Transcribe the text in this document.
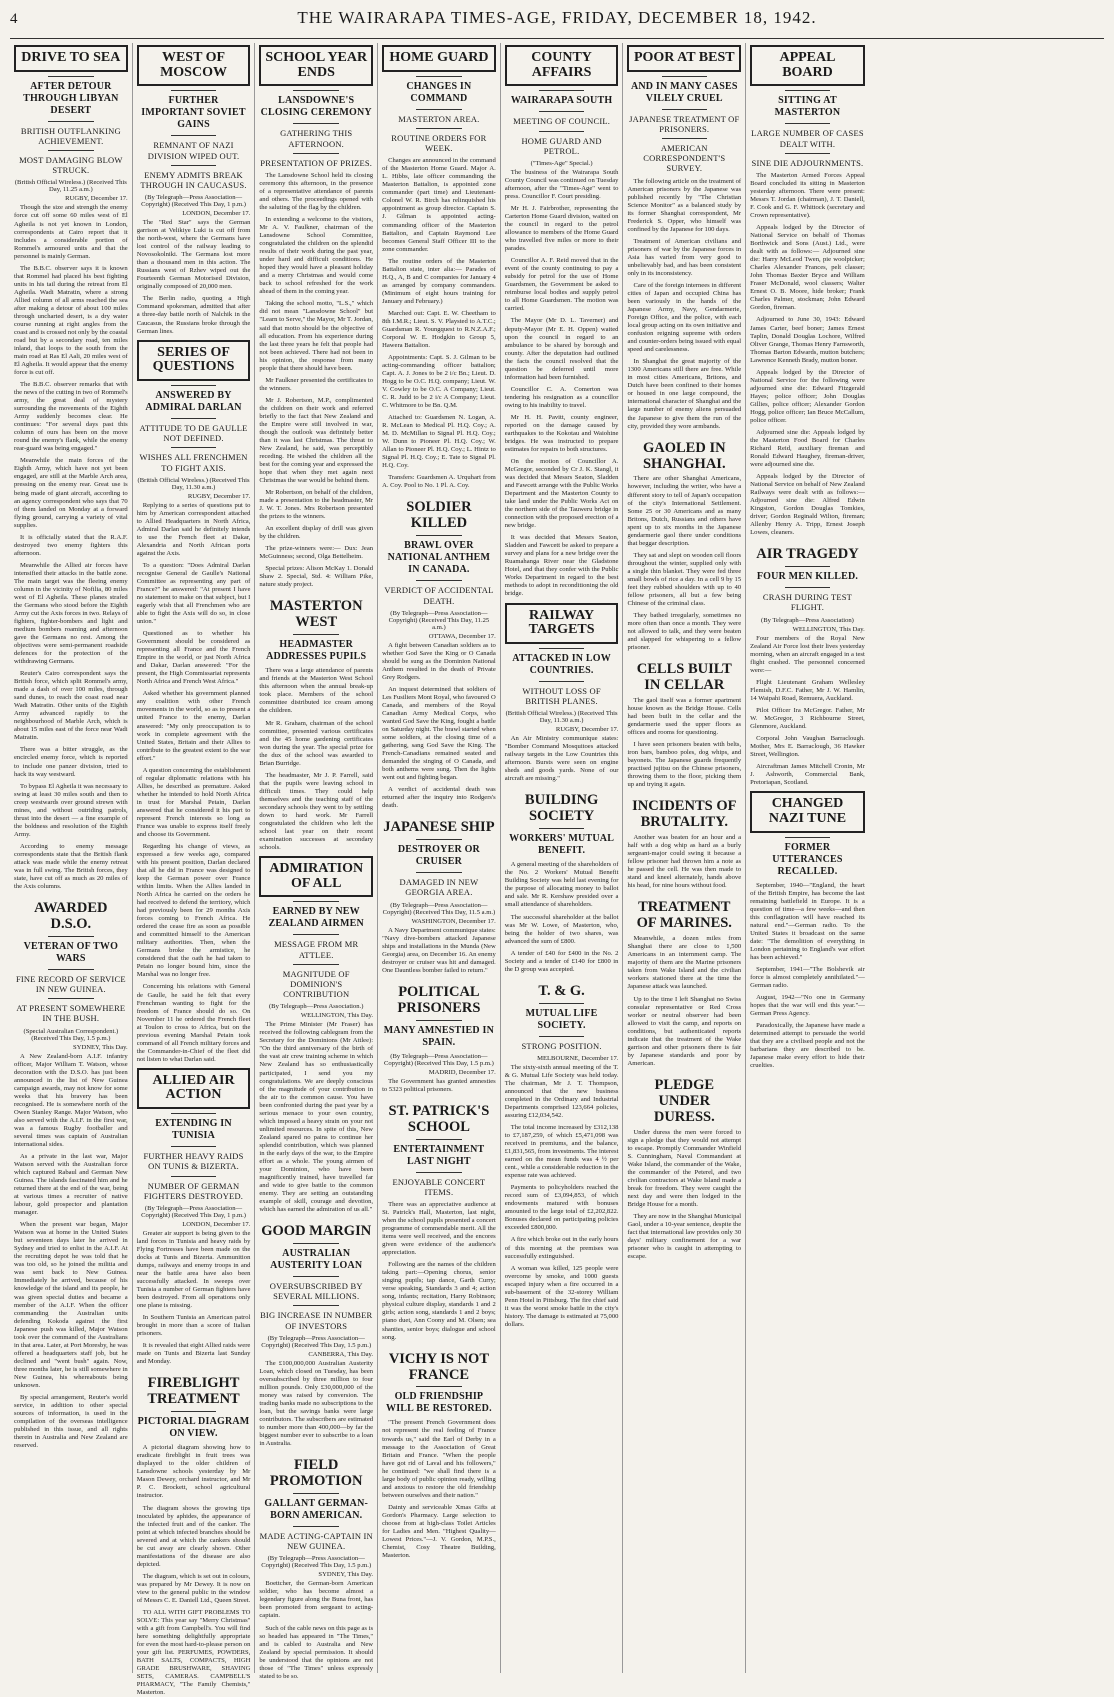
4	THE WAIRARAPA TIMES-AGE, FRIDAY, DECEMBER 18, 1942.
DRIVE TO SEA
AFTER DETOUR THROUGH LIBYAN DESERT
BRITISH OUTFLANKING ACHIEVEMENT.
MOST DAMAGING BLOW STRUCK.
(British Official Wireless.) (Received This Day, 11.25 a.m.)
RUGBY, December 17.

Though the size and strength the enemy force cut off some 60 miles west of El Agheila is not yet known in London, correspondents at Cairo report that it includes a considerable portion of Rommel's armoured units and that the personnel is mainly German.

The B.B.C. observer says it is known that Rommel had placed his best fighting units in his tail during the retreat from El Agheila. Wadi Matratin, where a strong Allied column of all arms reached the sea after making a detour of about 100 miles through uncharted desert, is a dry water course running at right angles from the coast and is crossed not only by the coastal road but by a secondary road, ten miles inland, that loops to the south from the main road at Ras El Aali, 20 miles west of El Agheila. It would appear that the enemy force is cut off.

The B.B.C. observer remarks that with the news of the cutting in two of Rommel's army, the great deal of mystery surrounding the movements of the Eighth Army suddenly becomes clear. He continues: "For several days past this column of ours has been on the move round the enemy's flank, while the enemy rear-guard was being engaged."

Meanwhile the main forces of the Eighth Army, which have not yet been engaged, are still at the Marble Arch area, pressing on the enemy rear. Great use is being made of giant aircraft, according to an agency correspondent who says that 70 of them landed on Monday at a forward flying ground, carrying a variety of vital supplies.

It is officially stated that the R.A.F. destroyed two enemy fighters this afternoon.

Meanwhile the Allied air forces have intensified their attacks in the battle zone. The main target was the fleeing enemy column in the vicinity of Nofilia, 80 miles west of El Agheila. These planes strafed the Germans who stood before the Eighth Army cut the Axis forces in two. Relays of fighters, fighter-bombers and light and medium bombers roaming and afternoon gave the Germans no rest. Among the objectives were semi-permanent roadside defences for the protection of the withdrawing Germans.

Reuter's Cairo correspondent says the British force, which split Rommel's army, made a dash of over 100 miles, through sand dunes, to reach the coast road near Wadi Matratin. Other units of the Eighth Army advanced rapidly to the neighbourhood of Marble Arch, which is about 15 miles east of the force near Wadi Matratin.

There was a bitter struggle, as the encircled enemy force, which is reported to include one panzer division, tried to hack its way westward.

To bypass El Agheila it was necessary to swing at least 30 miles south and then to creep westwards over ground strewn with mines, and without outriding patrols, thrust into the desert — a fine example of the boldness and resolution of the Eighth Army.

According to enemy message correspondents state that the British flank attack was made while the enemy retreat was in full swing. The British forces, they state, have cut off as much as 20 miles of the Axis columns.

AWARDED D.S.O.
VETERAN OF TWO WARS
FINE RECORD OF SERVICE IN NEW GUINEA.
AT PRESENT SOMEWHERE IN THE BUSH.
(Special Australian Correspondent.) (Received This Day, 1.5 p.m.)
SYDNEY, This Day.

A New Zealand-born A.I.F. infantry officer, Major William T. Watson, whose decoration with the D.S.O. has just been announced in the list of New Guinea campaign awards, may not know for some weeks that his bravery has been recognised. He is somewhere north of the Owen Stanley Range. Major Watson, who also served with the A.I.F. in the first war, was a famous Rugby footballer and several times was captain of Australian international sides.

As a private in the last war, Major Watson served with the Australian force which captured Rabaul and German New Guinea. The islands fascinated him and he returned there at the end of the war, being at various times a recruiter of native labour, gold prospector and plantation manager.

When the present war began, Major Watson was at home in the United States but seventeen days later he arrived in Sydney and tried to enlist in the A.I.F. At the recruiting depot he was told that he was too old, so he joined the militia and was sent back to New Guinea. Immediately he arrived, because of his knowledge of the island and its people, he was given special duties and became a member of the A.I.F. When the officer commanding the Australian units defending Kokoda against the first Japanese push was killed, Major Watson took over the command of the Australians in that area. Later, at Port Moresby, he was offered a headquarters staff job, but he declined and "went bush" again. Now, three months later, he is still somewhere in New Guinea, his whereabouts being unknown.

By special arrangement, Reuter's world service, in addition to other special sources of information, is used in the compilation of the overseas intelligence published in this issue, and all rights therein in Australia and New Zealand are reserved.

WEST OF MOSCOW
FURTHER IMPORTANT SOVIET GAINS
REMNANT OF NAZI DIVISION WIPED OUT.
ENEMY ADMITS BREAK THROUGH IN CAUCASUS.
(By Telegraph—Press Association—Copyright) (Received This Day, 1 p.m.)
LONDON, December 17.

The "Red Star" says the German garrison at Velikiye Luki is cut off from the north-west, where the Germans have lost control of the railway leading to Novosokolniki. The Germans lost more than a thousand men in this action. The Russians west of Rzhev wiped out the Fourteenth German Motorised Division, originally composed of 20,000 men.

The Berlin radio, quoting a High Command spokesman, admitted that after a three-day battle north of Nalchik in the Caucasus, the Russians broke through the German lines.

SERIES OF QUESTIONS
ANSWERED BY ADMIRAL DARLAN
ATTITUDE TO DE GAULLE NOT DEFINED.
WISHES ALL FRENCHMEN TO FIGHT AXIS.
(British Official Wireless.) (Received This Day, 11.30 a.m.)
RUGBY, December 17.

Replying to a series of questions put to him by American correspondent attached to Allied Headquarters in North Africa, Admiral Darlan said he definitely intends to use the French fleet at Dakar, Alexandria and North African ports against the Axis.

To a question: "Does Admiral Darlan recognise General de Gaulle's National Committee as representing any part of France?" he answered: "At present I have no statement to make on that subject, but I eagerly wish that all Frenchmen who are able to fight the Axis will do so, in close union."

Questioned as to whether his Government should be considered as representing all France and the French Empire in the world, or just North Africa and Dakar, Darlan answered: "For the present, the High Commissariat represents North Africa and French West Africa."

Asked whether his government planned any coalition with other French movements in the world, so as to present a united France to the enemy, Darlan answered: "My only preoccupation is to work in complete agreement with the United States, Britain and their Allies to contribute to the greatest extent to the war effort."

A question concerning the establishment of regular diplomatic relations with his Allies, he described as premature. Asked whether he intended to hold North Africa in trust for Marshal Petain, Darlan answered that he considered it his part to represent French interests so long as France was unable to express itself freely and choose its Government.

Regarding his change of views, as expressed a few weeks ago, compared with his present position, Darlan declared that all he did in France was designed to keep the German power over France within limits. When the Allies landed in North Africa he carried on the orders he had received to defend the territory, which had previously been for 29 months Axis forces coming to French Africa. He ordered the cease fire as soon as possible and committed himself to the American military authorities. Then, when the Germans broke the armistice, he considered that the oath he had taken to Petain no longer bound him, since the Marshal was no longer free.

Concerning his relations with General de Gaulle, he said he felt that every Frenchman wanting to fight for the freedom of France should do so. On November 11 he ordered the French fleet at Toulon to cross to Africa, but on the previous evening Marshal Petain took command of all French military forces and the Commander-in-Chief of the fleet did not listen to what Darlan said.

ALLIED AIR ACTION
EXTENDING IN TUNISIA
FURTHER HEAVY RAIDS ON TUNIS & BIZERTA.
NUMBER OF GERMAN FIGHTERS DESTROYED.
(By Telegraph—Press Association—Copyright) (Received This Day, 1 p.m.)
LONDON, December 17.

Greater air support is being given to the land forces in Tunisia and heavy raids by Flying Fortresses have been made on the docks at Tunis and Bizerta. Ammunition dumps, railways and enemy troops in and near the battle area have also been successfully attacked. In sweeps over Tunisia a number of German fighters have been destroyed. From all operations only one plane is missing.

In Southern Tunisia an American patrol brought in more than a score of Italian prisoners.

It is revealed that eight Allied raids were made on Tunis and Bizerta last Sunday and Monday.

FIREBLIGHT TREATMENT
PICTORIAL DIAGRAM ON VIEW.

A pictorial diagram showing how to eradicate fireblight in fruit trees was displayed to the older children of Lansdowne schools yesterday by Mr Mason Dewey, orchard instructor, and Mr P. C. Brockett, school agricultural instructor.

The diagram shows the growing tips inoculated by aphides, the appearance of the infected fruit and of the canker. The point at which infected branches should be severed and at which the cankers should be cut away are clearly shown. Other manifestations of the disease are also depicted.

The diagram, which is set out in colours, was prepared by Mr Dewey. It is now on view to the general public in the window of Messrs C. E. Daniell Ltd., Queen Street.

TO ALL WITH GIFT PROBLEMS TO SOLVE: This year say "Merry Christmas" with a gift from Campbell's. You will find here something delightfully appropriate for even the most hard-to-please person on your gift list. PERFUMES, POWDERS, BATH SALTS, COMPACTS, HIGH GRADE BRUSHWARE, SHAVING SETS, CAMERAS. CAMPBELL'S PHARMACY, "The Family Chemists," Masterton.

SCHOOL YEAR ENDS
LANSDOWNE'S CLOSING CEREMONY
GATHERING THIS AFTERNOON.
PRESENTATION OF PRIZES.

The Lansdowne School held its closing ceremony this afternoon, in the presence of a representative attendance of parents and others. The proceedings opened with the saluting of the flag by the children.

In extending a welcome to the visitors, Mr A. V. Faulkner, chairman of the Lansdowne School Committee, congratulated the children on the splendid results of their work during the past year, under hard and difficult conditions. He hoped they would have a pleasant holiday and a merry Christmas and would come back to school refreshed for the work ahead of them in the coming year.

Taking the school motto, "L.S.," which did not mean "Lansdowne School" but "Learn to Serve," the Mayor, Mr T. Jordan, said that motto should be the objective of all education. From his experience during the last three years he felt that people had not been achieved. There had not been in his opinion, the response from many people that there should have been.

Mr Faulkner presented the certificates to the winners.

Mr J. Robertson, M.P., complimented the children on their work and referred briefly to the fact that New Zealand and the Empire were still involved in war, though the outlook was definitely better than it was last Christmas. The threat to New Zealand, he said, was perceptibly receding. He wished the children all the best for the coming year and expressed the hope that when they met again next Christmas the war would be behind them.

Mr Robertson, on behalf of the children, made a presentation to the headmaster, Mr J. W. T. Jones. Mrs Robertson presented the prizes to the winners.

An excellent display of drill was given by the children.

The prize-winners were:— Dux: Jean McGuinness; second, Olga Bettelheim.

Special prizes: Alison McKay 1. Donald Shaw 2. Special, Std. 4: William Pike, nature study project.

MASTERTON WEST
HEADMASTER ADDRESSES PUPILS

There was a large attendance of parents and friends at the Masterton West School this afternoon when the annual break-up took place. Members of the school committee distributed ice cream among the children.

Mr R. Graham, chairman of the school committee, presented various certificates and the 45 home gardening certificates won during the year. The special prize for the dux of the school was awarded to Brian Burridge.

The headmaster, Mr J. P. Farrell, said that the pupils were leaving school in difficult times. They could help themselves and the teaching staff of the secondary schools they went to by settling down to hard work. Mr Farrell congratulated the children who left the school last year on their recent examination successes at secondary schools.

ADMIRATION OF ALL
EARNED BY NEW ZEALAND AIRMEN
MESSAGE FROM MR ATTLEE.
MAGNITUDE OF DOMINION'S CONTRIBUTION
(By Telegraph—Press Association.)
WELLINGTON, This Day.

The Prime Minister (Mr Fraser) has received the following cablegram from the Secretary for the Dominions (Mr Attlee): "On the third anniversary of the birth of the vast air crew training scheme in which New Zealand has so enthusiastically participated, I send you my congratulations. We are deeply conscious of the magnitude of your contribution in the air to the common cause. You have been confronted during the past year by a serious menace to your own country, which imposed a heavy strain on your not unlimited resources. In spite of this, New Zealand spared no pains to continue her splendid contribution, which was planned in the early days of the war, to the Empire effort as a whole. The young airmen of your Dominion, who have been magnificently trained, have travelled far and wide to give battle to the common enemy. They are setting an outstanding example of skill, courage and devotion, which has earned the admiration of us all."

GOOD MARGIN
AUSTRALIAN AUSTERITY LOAN
OVERSUBSCRIBED BY SEVERAL MILLIONS.
BIG INCREASE IN NUMBER OF INVESTORS
(By Telegraph—Press Association—Copyright) (Received This Day, 1.5 p.m.)
CANBERRA, This Day.

The £100,000,000 Australian Austerity Loan, which closed on Tuesday, has been oversubscribed by three million to four million pounds. Only £30,000,000 of the money was raised by conversion. The trading banks made no subscriptions to the loan, but the savings banks were large contributors. The subscribers are estimated to number more than 400,000—by far the biggest number ever to subscribe to a loan in Australia.

FIELD PROMOTION
GALLANT GERMAN-BORN AMERICAN.
MADE ACTING-CAPTAIN IN NEW GUINEA.
(By Telegraph—Press Association—Copyright) (Received This Day, 1.5 p.m.)
SYDNEY, This Day.

Boettcher, the German-born American soldier, who has become almost a legendary figure along the Buna front, has been promoted from sergeant to acting-captain.

Such of the cable news on this page as is so headed has appeared in "The Times," and is cabled to Australia and New Zealand by special permission. It should be understood that the opinions are not those of "The Times" unless expressly stated to be so.

HOME GUARD
CHANGES IN COMMAND
MASTERTON AREA.
ROUTINE ORDERS FOR WEEK.

Changes are announced in the command of the Masterton Home Guard. Major A. L. Hibbs, late officer commanding the Masterton Battalion, is appointed zone commander (part time) and Lieutenant-Colonel W. R. Birch has relinquished his appointment as group director. Captain S. J. Gilman is appointed acting-commanding officer of the Masterton Battalion, and Captain Raymond Lee becomes General Staff Officer III to the zone commander.

The routine orders of the Masterton Battalion state, inter alia:— Parades of H.Q., A, B and C companies for January 4 as arranged by company commanders. (Minimum of eight hours training for January and February.)

Marched out: Capt. E. W. Cheetham to 8th I.M.R.; Lieut. S. V. Playsted to A.T.C.; Guardsman R. Youngquest to R.N.Z.A.F.; Corporal W. E. Hodgkin to Group 5, Hawera Battalion.

Appointments: Capt. S. J. Gilman to be acting-commanding officer battalion; Capt. A. J. Jones to be 2 i/c Bn.; Lieut. D. Hogg to be O.C. H.Q. company; Lieut. W. V. Cowley to be O.C. A Company; Lieut. C. R. Judd to be 2 i/c A Company; Lieut. C. Whitmore to be Bn. Q.M.

Attached to: Guardsmen N. Logan, A. R. McLean to Medical Pl. H.Q. Coy.; A. M. D. McMillan to Signal Pl. H.Q. Coy.; W. Dunn to Pioneer Pl. H.Q. Coy.; W. Allan to Pioneer Pl. H.Q. Coy.; L. Hintz to Signal Pl. H.Q. Coy.; E. Tate to Signal Pl. H.Q. Coy.

Transfers: Guardsmen A. Urquhart from A. Coy. Pool to No. 1 Pl. A. Coy.

SOLDIER KILLED
BRAWL OVER NATIONAL ANTHEM IN CANADA.
VERDICT OF ACCIDENTAL DEATH.
(By Telegraph—Press Association—Copyright) (Received This Day, 11.25 a.m.)
OTTAWA, December 17.

A fight between Canadian soldiers as to whether God Save the King or O Canada should be sung as the Dominion National Anthem resulted in the death of Private Grey Rodgers.

An inquest determined that soldiers of Les Fusiliers Mont Royal, who favoured O Canada, and members of the Royal Canadian Army Medical Corps, who wanted God Save the King, fought a battle on Saturday night. The brawl started when some soldiers, at the closing time of a gathering, sang God Save the King. The French-Canadians remained seated and demanded the singing of O Canada, and both anthems were sung. Then the lights went out and fighting began.

A verdict of accidental death was returned after the inquiry into Rodgers's death.

JAPANESE SHIP
DESTROYER OR CRUISER
DAMAGED IN NEW GEORGIA AREA.
(By Telegraph—Press Association—Copyright) (Received This Day, 11.5 a.m.)
WASHINGTON, December 17.

A Navy Department communique states: "Navy dive-bombers attacked Japanese ships and installations in the Munda (New Georgia) area, on December 16. An enemy destroyer or cruiser was hit and damaged. One Dauntless bomber failed to return."

POLITICAL PRISONERS
MANY AMNESTIED IN SPAIN.
(By Telegraph—Press Association—Copyright) (Received This Day, 1.5 p.m.)
MADRID, December 17.

The Government has granted amnesties to 5323 political prisoners.

ST. PATRICK'S SCHOOL
ENTERTAINMENT LAST NIGHT
ENJOYABLE CONCERT ITEMS.

There was an appreciative audience at St. Patrick's Hall, Masterton, last night, when the school pupils presented a concert programme of commendable merit. All the items were well received, and the encores given were evidence of the audience's appreciation.

Following are the names of the children taking part:—Opening chorus, senior singing pupils; tap dance, Garth Curry; verse speaking, Standards 3 and 4; action song, infants; recitation, Harry Robinson; physical culture display, standards 1 and 2 girls; action song, standards 1 and 2 boys; piano duet, Ann Coony and M. Olsen; sea shanties, senior boys; dialogue and school song.

VICHY IS NOT FRANCE
OLD FRIENDSHIP WILL BE RESTORED.

"The present French Government does not represent the real feeling of France towards us," said the Earl of Derby in a message to the Association of Great Britain and France. "When the people have got rid of Laval and his followers," he continued: "we shall find there is a large body of public opinion ready, willing and anxious to restore the old friendship between ourselves and their nation."

Dainty and serviceable Xmas Gifts at Gordon's Pharmacy. Large selection to choose from at high-class Toilet Articles for Ladies and Men. "Highest Quality—Lowest Prices."—J. V. Gordon, M.P.S., Chemist, Cosy Theatre Building, Masterton.

COUNTY AFFAIRS
WAIRARAPA SOUTH
MEETING OF COUNCIL.
HOME GUARD AND PETROL.
("Times-Age" Special.)

The business of the Wairarapa South County Council was continued on Tuesday afternoon, after the "Times-Age" went to press. Councillor F. Court presiding.

Mr H. J. Fairbrother, representing the Carterton Home Guard division, waited on the council in regard to the petrol allowance to members of the Home Guard who travelled five miles or more to their parades.

Councillor A. F. Reid moved that in the event of the county continuing to pay a subsidy for petrol for the use of Home Guardsmen, the Government be asked to reimburse local bodies and supply petrol to all Home Guardsmen. The motion was carried.

The Mayor (Mr D. L. Taverner) and deputy-Mayor (Mr E. H. Oppen) waited upon the council in regard to an ambulance to be shared by borough and county. After the deputation had outlined the facts the council resolved that the question be deferred until more information had been furnished.

Councillor C. A. Comerton was tendering his resignation as a councillor owing to his inability to travel.

Mr H. H. Pavitt, county engineer, reported on the damage caused by earthquakes to the Kokotau and Waiohine bridges. He was instructed to prepare estimates for repairs to both structures.

On the motion of Councillor A. McGregor, seconded by Cr J. K. Stangl, it was decided that Messrs Seaton, Sladden and Fawcett arrange with the Public Works Department and the Masterton County to take land under the Public Works Act on the northern side of the Tauweru bridge in connection with the proposed erection of a new bridge.

It was decided that Messrs Seaton, Sladden and Fawcett be asked to prepare a survey and plans for a new bridge over the Ruamahanga River near the Gladstone Hotel, and that they confer with the Public Works Department in regard to the best methods to adopt in reconditioning the old bridge.

RAILWAY TARGETS
ATTACKED IN LOW COUNTRIES.
WITHOUT LOSS OF BRITISH PLANES.
(British Official Wireless.) (Received This Day, 11.30 a.m.)
RUGBY, December 17.

An Air Ministry communique states: "Bomber Command Mosquitoes attacked railway targets in the Low Countries this afternoon. Bursts were seen on engine sheds and goods yards. None of our aircraft are missing."

BUILDING SOCIETY
WORKERS' MUTUAL BENEFIT.

A general meeting of the shareholders of the No. 2 Workers' Mutual Benefit Building Society was held last evening for the purpose of allocating money to ballot and sale. Mr R. Kershaw presided over a small attendance of shareholders.

The successful shareholder at the ballot was Mr W. Lowe, of Masterton, who, being the holder of two shares, was advanced the sum of £800.

A tender of £40 for £400 in the No. 2 Society and a tender of £140 for £800 in the D group was accepted.

T. & G.
MUTUAL LIFE SOCIETY.
STRONG POSITION.
MELBOURNE, December 17.

The sixty-sixth annual meeting of the T. & G. Mutual Life Society was held today. The chairman, Mr J. T. Thompson, announced that the new business completed in the Ordinary and Industrial Departments comprised 123,664 policies, assuring £12,034,542.

The total income increased by £312,138 to £7,187,259, of which £5,471,098 was received in premiums, and the balance, £1,831,565, from investments. The interest earned on the mean funds was 4 ½ per cent., while a considerable reduction in the expense rate was achieved.

Payments to policyholders reached the record sum of £3,094,853, of which endowments matured with bonuses amounted to the large total of £2,202,822. Bonuses declared on participating policies exceeded £800,000.

A fire which broke out in the early hours of this morning at the premises was successfully extinguished.

A woman was killed, 125 people were overcome by smoke, and 1000 guests escaped injury when a fire occurred in a sub-basement of the 32-storey William Penn Hotel in Pittsburg. The fire chief said it was the worst smoke battle in the city's history. The damage is estimated at 75,000 dollars.

POOR AT BEST
AND IN MANY CASES VILELY CRUEL
JAPANESE TREATMENT OF PRISONERS.
AMERICAN CORRESPONDENT'S SURVEY.

The following article on the treatment of American prisoners by the Japanese was published recently by "The Christian Science Monitor" as a balanced study by its former Shanghai correspondent, Mr Frederick S. Opper, who himself was confined by the Japanese for 100 days.

Treatment of American civilians and prisoners of war by the Japanese forces in Asia has varied from very good to unbelievably bad, and has been consistent only in its inconsistency.

Care of the foreign internees in different cities of Japan and occupied China has been variously in the hands of the Japanese Army, Navy, Gendarmerie, Foreign Office, and the police, with each local group acting on its own initiative and confusion reigning supreme with orders and counter-orders being issued with equal speed and carelessness.

In Shanghai the great majority of the 1300 Americans still there are free. While in most cities Americans, Britons, and Dutch have been confined to their homes or housed in one large compound, the international character of Shanghai and the large number of enemy aliens persuaded the Japanese to give them the run of the city, provided they wore armbands.

GAOLED IN SHANGHAI.

There are other Shanghai Americans, however, including the writer, who have a different story to tell of Japan's occupation of the city's International Settlement. Some 25 or 30 Americans and as many Britons, Dutch, Russians and others have spent up to six months in the Japanese gendarmerie gaol there under conditions that beggar description.

They sat and slept on wooden cell floors throughout the winter, supplied only with a single thin blanket. They were fed three small bowls of rice a day. In a cell 9 by 15 feet they rubbed shoulders with up to 40 fellow prisoners, all but a few being Chinese of the criminal class.

They bathed irregularly, sometimes no more often than once a month. They were not allowed to talk, and they were beaten and slapped for whispering to a fellow prisoner.

CELLS BUILT IN CELLAR

The gaol itself was a former apartment house known as the Bridge House. Cells had been built in the cellar and the gendarmerie used the upper floors as offices and rooms for questioning.

I have seen prisoners beaten with belts, iron bars, bamboo poles, dog whips, and bayonets. The Japanese guards frequently practised jujitsu on the Chinese prisoners, throwing them to the floor, picking them up and trying it again.

INCIDENTS OF BRUTALITY.

Another was beaten for an hour and a half with a dog whip as hard as a burly sergeant-major could swing it because a fellow prisoner had thrown him a note as he passed the cell. He was then made to stand and kneel alternately, hands above his head, for nine hours without food.

TREATMENT OF MARINES.

Meanwhile, a dozen miles from Shanghai there are close to 1,500 Americans in an internment camp. The majority of them are the Marine prisoners taken from Wake Island and the civilian workers stationed there at the time the Japanese attack was launched.

Up to the time I left Shanghai no Swiss consular representative or Red Cross worker or neutral observer had been allowed to visit the camp, and reports on conditions, but authenticated reports indicate that the treatment of the Wake garrison and other prisoners there is fair by Japanese standards and poor by American.

PLEDGE UNDER DURESS.

Under duress the men were forced to sign a pledge that they would not attempt to escape. Promptly Commander Winfield S. Cunningham, Naval Commandant at Wake Island, the commander of the Wake, the commander of the Peterel, and two civilian contractors at Wake Island made a break for freedom. They were caught the next day and were then lodged in the Bridge House for a month.

They are now in the Shanghai Municipal Gaol, under a 10-year sentence, despite the fact that international law provides only 30 days' military confinement for a war prisoner who is caught in attempting to escape.

APPEAL BOARD
SITTING AT MASTERTON
LARGE NUMBER OF CASES DEALT WITH.
SINE DIE ADJOURNMENTS.

The Masterton Armed Forces Appeal Board concluded its sitting in Masterton yesterday afternoon. There were present: Messrs T. Jordan (chairman), J. T. Daniell, F. Cook and G. F. Whittock (secretary and Crown representative).

Appeals lodged by the Director of National Service on behalf of Thomas Borthwick and Sons (Aust.) Ltd., were dealt with as follows:— Adjourned sine die: Harry McLeod Twen, pie woolpicker; Charles Alexander Frances, pelt classer; John Thomas Baxter Bryce and William Fraser McDonald, wool classers; Walter Ernest O. B. Moore, hide broker; Frank Charles Palmer, stockman; John Edward Gordon, fireman.

Adjourned to June 30, 1943: Edward James Carter, beef boner; James Ernest Taplin, Donald Douglas Lochore, Wilfred Oliver Grange, Thomas Henry Farnsworth, Thomas Barton Edwards, mutton butchers; Lawrence Kenneth Brady, mutton boner.

Appeals lodged by the Director of National Service for the following were adjourned sine die: Edward Fitzgerald Hayes; police officer; John Douglas Gillies, police officer; Alexander Gordon Hogg, police officer; Ian Bruce McCallum, police officer.

Adjourned sine die: Appeals lodged by the Masterton Food Board for Charles Richard Reid, auxiliary fireman and Ronald Edward Haughey, fireman-driver, were adjourned sine die.

Appeals lodged by the Director of National Service on behalf of New Zealand Railways were dealt with as follows:— Adjourned sine die: Alfred Edwin Kingston, Gordon Douglas Tomkies, driver; Gordon Reginald Wilton, fireman; Allenby Henry A. Tripp, Ernest Joseph Lowes, cleaners.

AIR TRAGEDY
FOUR MEN KILLED.
CRASH DURING TEST FLIGHT.
(By Telegraph—Press Association)
WELLINGTON, This Day.

Four members of the Royal New Zealand Air Force lost their lives yesterday morning, when an aircraft engaged in a test flight crashed. The personnel concerned were:—

Flight Lieutenant Graham Wellesley Flemish, D.F.C. Father, Mr J. W. Hamlin, 14 Waipahi Road, Remuera, Auckland.

Pilot Officer Ira McGregor. Father, Mr W. McGregor, 3 Richbourne Street, Glenmore, Auckland.

Corporal John Vaughan Barraclough. Mother, Mrs E. Barraclough, 36 Hawker Street, Wellington.

Aircraftman James Mitchell Cronin, Mr J. Ashworth, Commercial Bank, Pretoriapan, Scotland.

CHANGED NAZI TUNE
FORMER UTTERANCES RECALLED.

September, 1940—"England, the heart of the British Empire, has become the last remaining battlefield in Europe. It is a question of time—a few weeks—and then this conflagration will have reached its natural end."—German radio. To the United States it broadcast on the same date: "The demolition of everything in London pertaining to England's war effort has been achieved."

September, 1941—"The Bolshevik air force is almost completely annihilated."—German radio.

August, 1942—"No one in Germany hopes that the war will end this year."—German Press Agency.

Paradoxically, the Japanese have made a determined attempt to persuade the world that they are a civilised people and not the barbarians they are described to be. Japanese make every effort to hide their cruelties.
